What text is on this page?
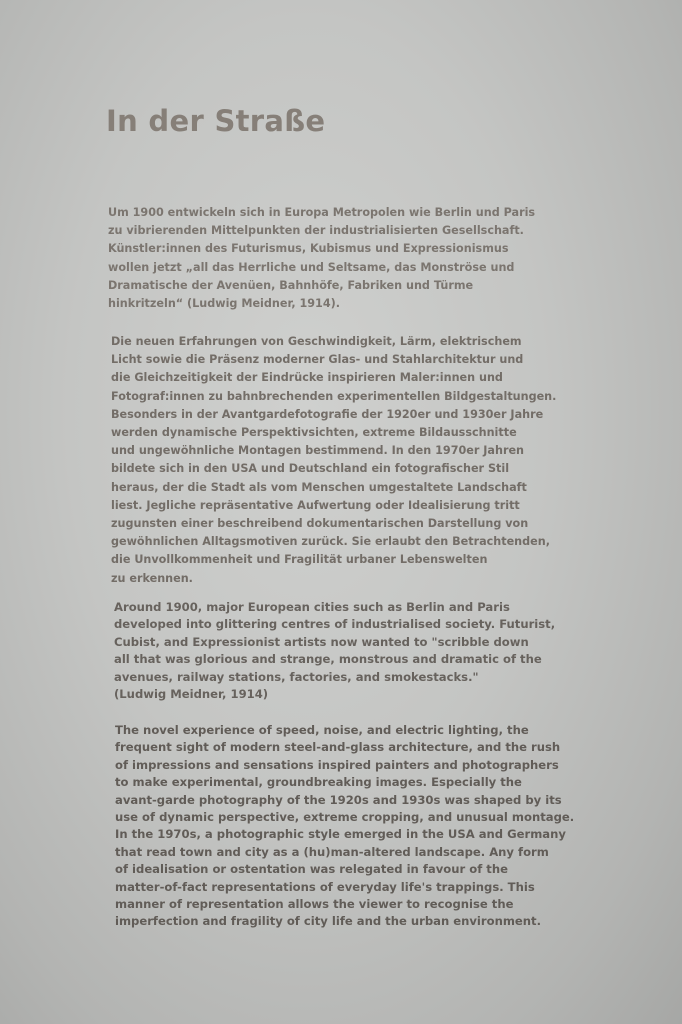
In der Straße

Um 1900 entwickeln sich in Europa Metropolen wie Berlin und Paris
zu vibrierenden Mittelpunkten der industrialisierten Gesellschaft.
Künstler:innen des Futurismus, Kubismus und Expressionismus
wollen jetzt „all das Herrliche und Seltsame, das Monströse und
Dramatische der Avenüen, Bahnhöfe, Fabriken und Türme
hinkritzeln“ (Ludwig Meidner, 1914).

Die neuen Erfahrungen von Geschwindigkeit, Lärm, elektrischem
Licht sowie die Präsenz moderner Glas- und Stahlarchitektur und
die Gleichzeitigkeit der Eindrücke inspirieren Maler:innen und
Fotograf:innen zu bahnbrechenden experimentellen Bildgestaltungen.
Besonders in der Avantgardefotografie der 1920er und 1930er Jahre
werden dynamische Perspektivsichten, extreme Bildausschnitte
und ungewöhnliche Montagen bestimmend. In den 1970er Jahren
bildete sich in den USA und Deutschland ein fotografischer Stil
heraus, der die Stadt als vom Menschen umgestaltete Landschaft
liest. Jegliche repräsentative Aufwertung oder Idealisierung tritt
zugunsten einer beschreibend dokumentarischen Darstellung von
gewöhnlichen Alltagsmotiven zurück. Sie erlaubt den Betrachtenden,
die Unvollkommenheit und Fragilität urbaner Lebenswelten
zu erkennen.

Around 1900, major European cities such as Berlin and Paris
developed into glittering centres of industrialised society. Futurist,
Cubist, and Expressionist artists now wanted to "scribble down
all that was glorious and strange, monstrous and dramatic of the
avenues, railway stations, factories, and smokestacks."
(Ludwig Meidner, 1914)

The novel experience of speed, noise, and electric lighting, the
frequent sight of modern steel-and-glass architecture, and the rush
of impressions and sensations inspired painters and photographers
to make experimental, groundbreaking images. Especially the
avant-garde photography of the 1920s and 1930s was shaped by its
use of dynamic perspective, extreme cropping, and unusual montage.
In the 1970s, a photographic style emerged in the USA and Germany
that read town and city as a (hu)man-altered landscape. Any form
of idealisation or ostentation was relegated in favour of the
matter-of-fact representations of everyday life's trappings. This
manner of representation allows the viewer to recognise the
imperfection and fragility of city life and the urban environment.
